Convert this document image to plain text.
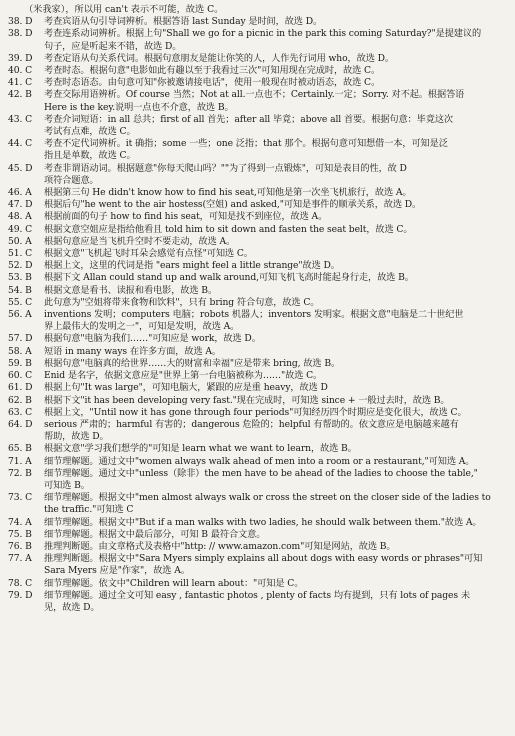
（米我家），所以用 can't 表示不可能，故选 C。
38. D	考查宾语从句引导词辨析。根据答语 last Sunday 是时间，故选 D。
38. D	考查连系动词辨析。根据上句"Shall we go for a picnic in the park this coming Saturday?"是提建议的
句子，应是听起来不错，故选 D。
39. D	考查定语从句关系代词。根据句意朋友是能让你笑的人，人作先行词用 who，故选 D。
40. C	考查时态。根据句意"电影如此有趣以至于我看过三次"可知用现在完成时，故选 C。
41. C	考查时态语态。由句意可知"你被邀请接电话"，使用一般现在时被动语态，故选 C。
42. B	考查交际用语辨析。Of course 当然；Not at all.一点也不；Certainly.一定；Sorry. 对不起。根据答语
Here is the key.说明一点也不介意，故选 B。
43. C	考查介词短语：in all 总共；first of all 首先；after all 毕竟；above all 首要。根据句意：毕竟这次
考试有点难，故选 C。
44. C	考查不定代词辨析。it 确指；some 一些；one 泛指；that 那个。根据句意可知想借一本，可知是泛
指且是单数，故选 C。
45. D	考查非谓语动词。根据题意"你每天爬山吗？""为了得到一点锻炼"，可知是表目的性，故 D
项符合题意。
46. A	根据第三句 He didn't know how to find his seat,可知他是第一次坐飞机旅行，故选 A。
47. D	根据后句"he went to the air hostess(空姐) and asked,"可知是事件的顺承关系，故选 D。
48. A	根据前面的句子 how to find his seat，可知是找不到座位，故选 A。
49. C	根据文意空姐应是指给他看且 told him to sit down and fasten the seat belt，故选 C。
50. A	根据句意应是当飞机升空时不要走动，故选 A。
51. C	根据文意"飞机起飞时耳朵会感觉有点怪"可知选 C。
52. D	根据上文，这里的代词是指 "ears might feel a little strange"故选 D。
53. B	根据下文 Allan could stand up and walk around,可知飞机飞高时能起身行走，故选 B。
54. B	根据文意是看书、读报和看电影，故选 B。
55. C	此句意为"空姐将带来食物和饮料"，只有 bring 符合句意，故选 C。
56. A	inventions 发明；computers 电脑；robots 机器人；inventors 发明家。根据文意"电脑是二十世纪世
界上最伟大的发明之一"，可知是发明，故选 A。
57. D	根据句意"电脑为我们……"可知应是 work，故选 D。
58. A	短语 in many ways 在许多方面，故选 A。
59. B	根据句意"电脑真的给世界……大的财富和幸福"应是带来 bring, 故选 B。
60. C	Enid 是名字，依据文意应是"世界上第一台电脑被称为……"故选 C。
61. D	根据上句"It was large"，可知电脑大，紧跟的应是重 heavy，故选 D
62. B	根据下文"it has been developing very fast."现在完成时，可知选 since + 一般过去时，故选 B。
63. C	根据上文，"Until now it has gone through four periods"可知经历四个时期应是变化很大，故选 C。
64. D	serious 严肃的；harmful 有害的；dangerous 危险的；helpful 有帮助的。依文意应是电脑越来越有
帮助，故选 D。
65. B	根据文意"学习我们想学的"可知是 learn what we want to learn，故选 B。
71. A	细节理解题。通过文中"women always walk ahead of men into a room or a restaurant,"可知选 A。
72. B	细节理解题。通过文中"unless（除非）the men have to be ahead of the ladies to choose the table,"
可知选 B。
73. C	细节理解题。根据文中"men almost always walk or cross the street on the closer side of the ladies to
the traffic."可知选 C
74. A	细节理解题。根据文中"But if a man walks with two ladies, he should walk between them."故选 A。
75. B	细节理解题。根据文中最后部分，可知 B 最符合文意。
76. B	推理判断题。由文章格式及表格中"http: // www.amazon.com"可知是网站，故选 B。
77. A	推理判断题。根据文中"Sara Myers simply explains all about dogs with easy words or phrases"可知
Sara Myers 应是"作家"，故选 A。
78. C	细节理解题。依文中"Children will learn about："可知是 C。
79. D	细节理解题。通过全文可知 easy , fantastic photos , plenty of facts 均有提到，只有 lots of pages 未
见，故选 D。
